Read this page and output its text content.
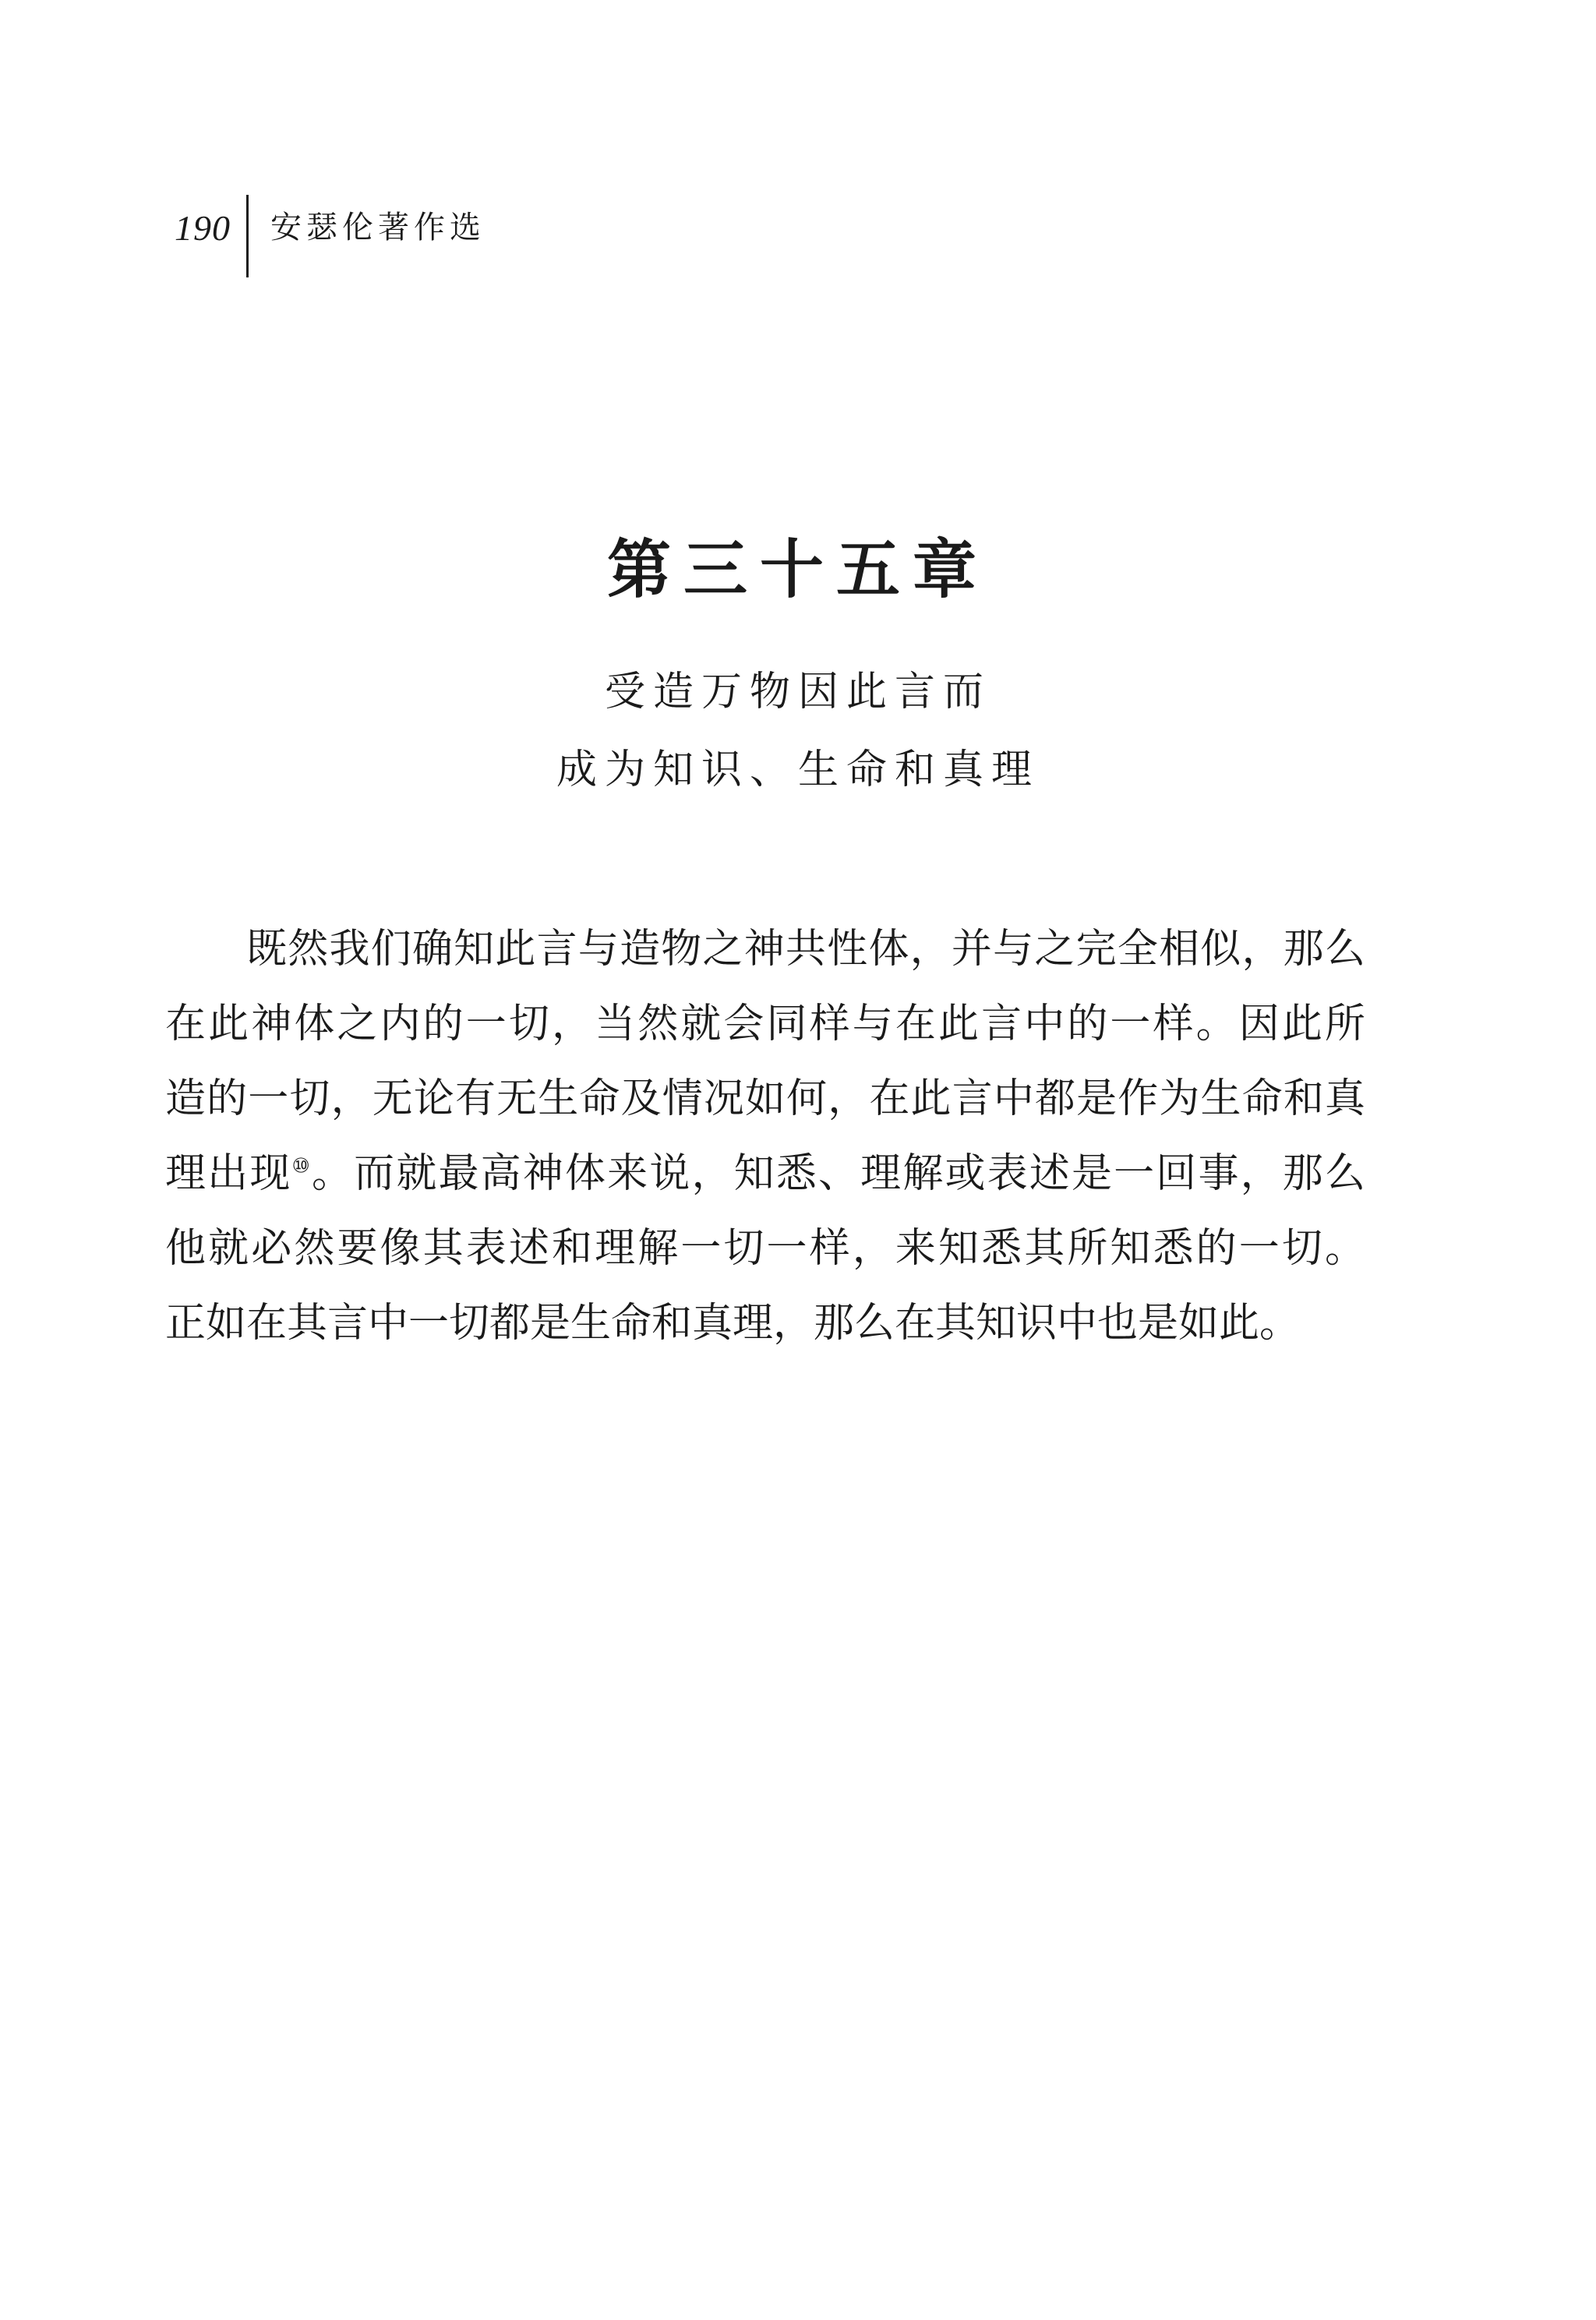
190 安瑟伦著作选
第三十五章
受造万物因此言而
成为知识、生命和真理
既然我们确知此言与造物之神共性体，并与之完全相似，那么
在此神体之内的一切，当然就会同样与在此言中的一样。因此所
造的一切，无论有无生命及情况如何，在此言中都是作为生命和真
理出现⑩。而就最高神体来说，知悉、理解或表述是一回事，那么
他就必然要像其表述和理解一切一样，来知悉其所知悉的一切。
正如在其言中一切都是生命和真理，那么在其知识中也是如此。
